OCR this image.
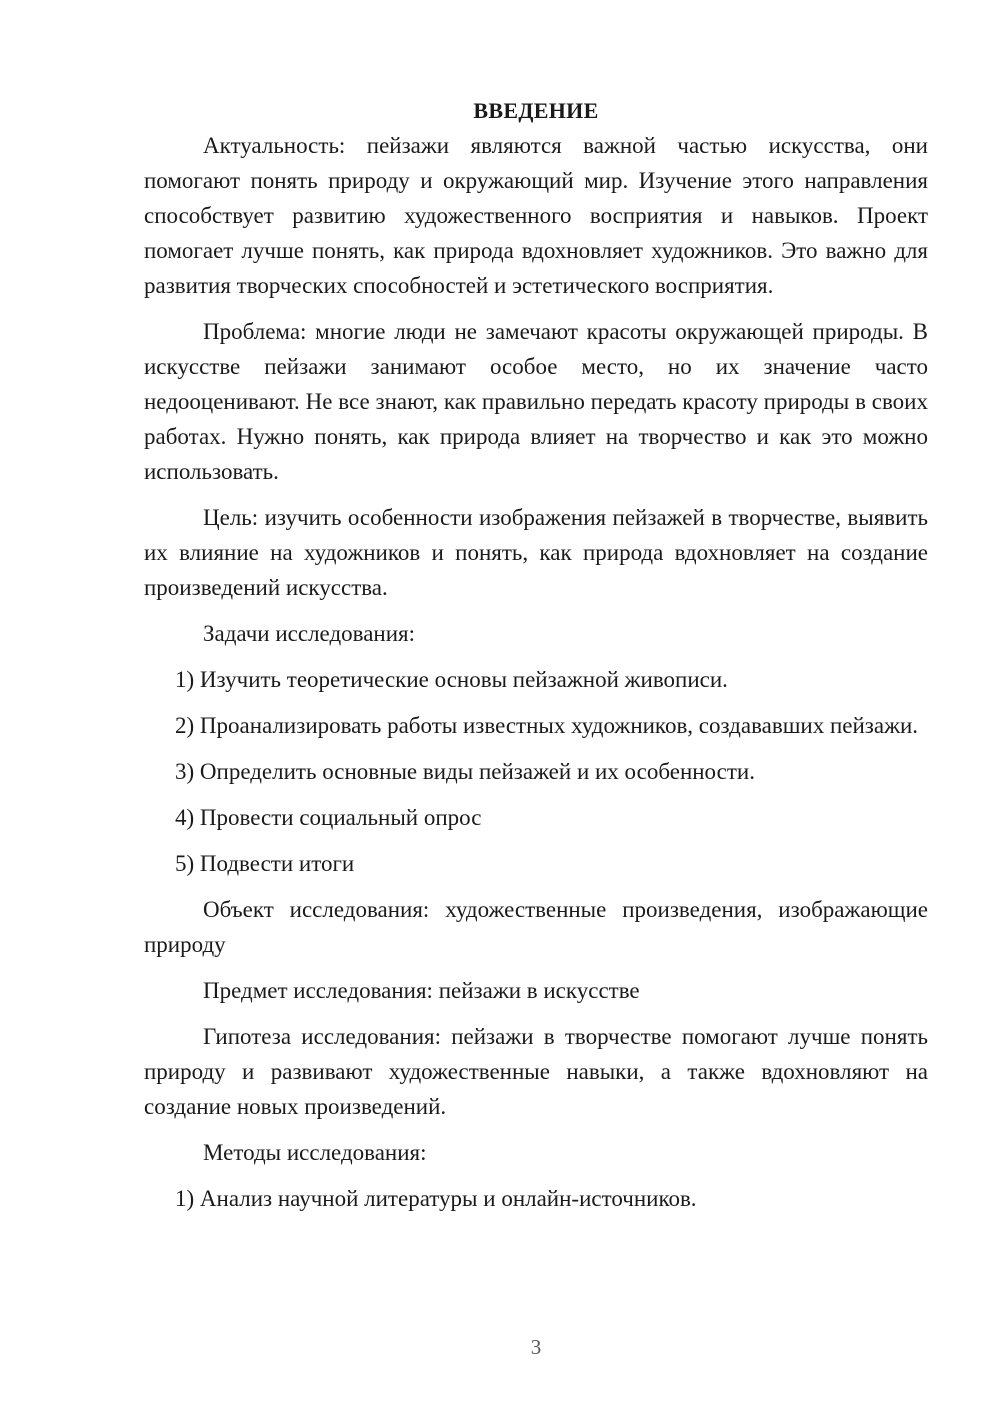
ВВЕДЕНИЕ

Актуальность: пейзажи являются важной частью искусства, они помогают понять природу и окружающий мир. Изучение этого направления способствует развитию художественного восприятия и навыков. Проект помогает лучше понять, как природа вдохновляет художников. Это важно для развития творческих способностей и эстетического восприятия.

Проблема: многие люди не замечают красоты окружающей природы. В искусстве пейзажи занимают особое место, но их значение часто недооценивают. Не все знают, как правильно передать красоту природы в своих работах. Нужно понять, как природа влияет на творчество и как это можно использовать.

Цель: изучить особенности изображения пейзажей в творчестве, выявить их влияние на художников и понять, как природа вдохновляет на создание произведений искусства.

Задачи исследования:

1) Изучить теоретические основы пейзажной живописи.

2) Проанализировать работы известных художников, создававших пейзажи.

3) Определить основные виды пейзажей и их особенности.

4) Провести социальный опрос

5) Подвести итоги

Объект исследования: художественные произведения, изображающие природу

Предмет исследования: пейзажи в искусстве

Гипотеза исследования: пейзажи в творчестве помогают лучше понять природу и развивают художественные навыки, а также вдохновляют на создание новых произведений.

Методы исследования:

1) Анализ научной литературы и онлайн-источников.

3
